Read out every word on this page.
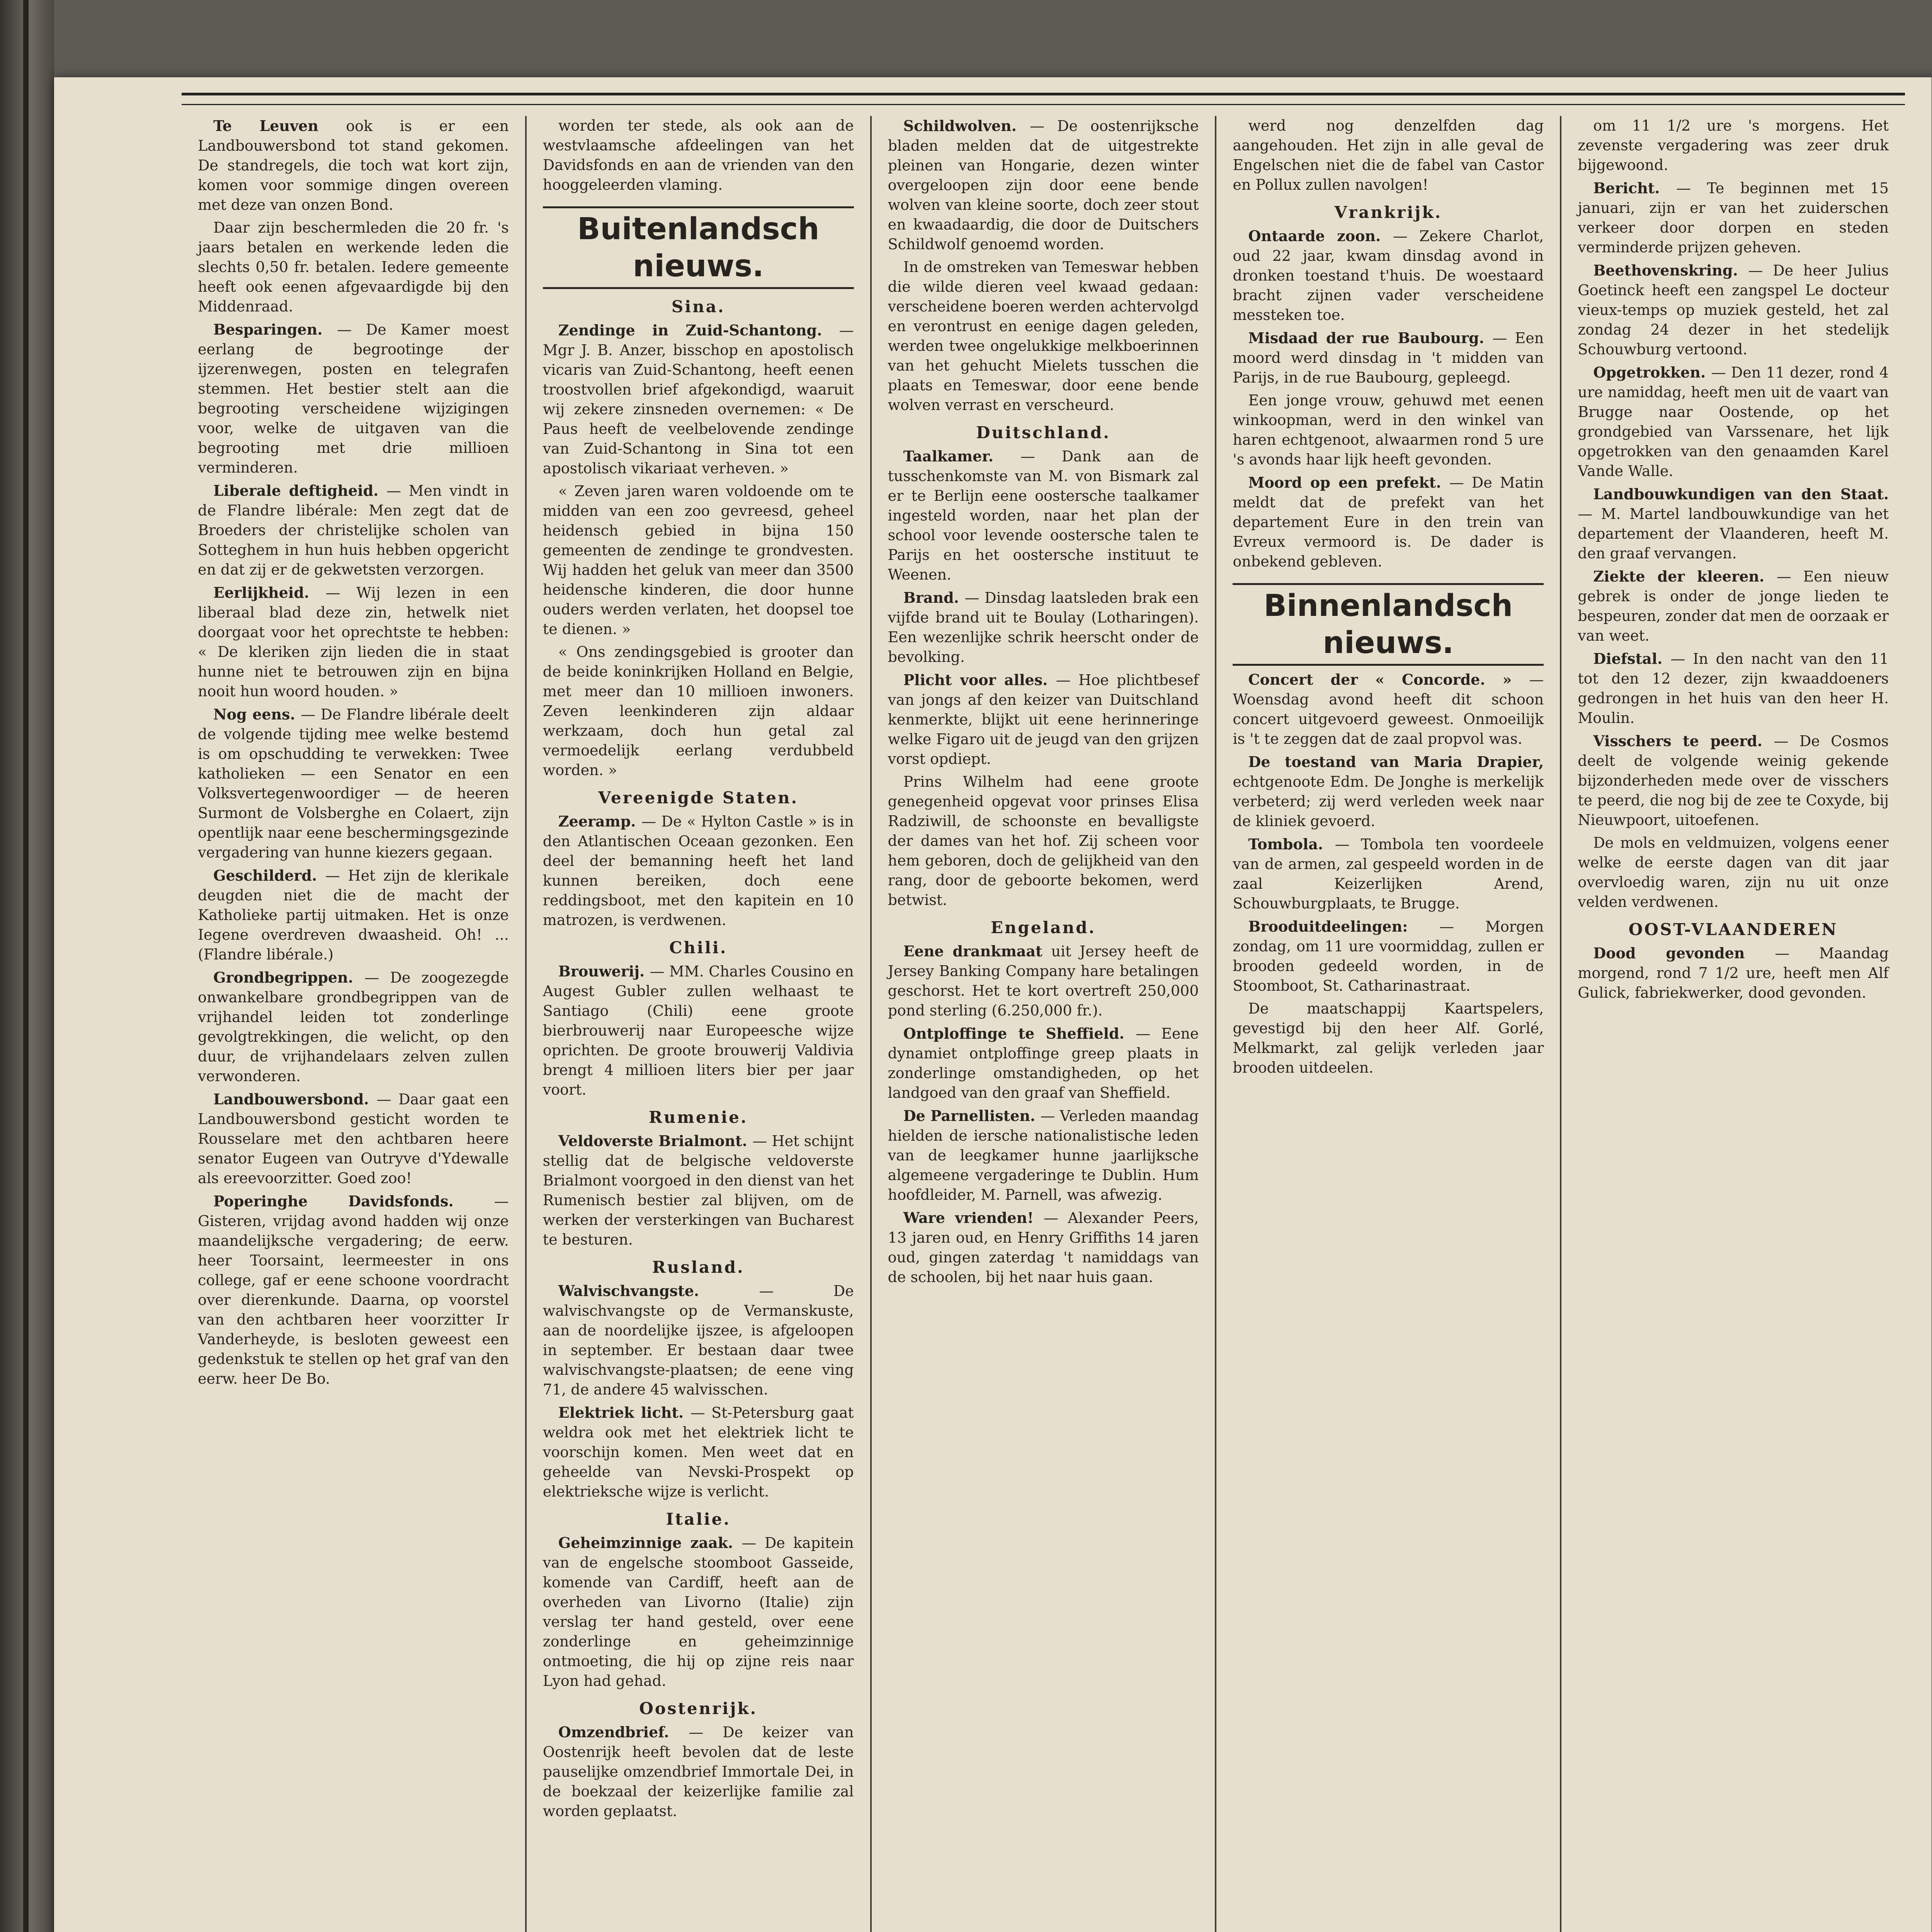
Te Leuven ook is er een Landbouwersbond tot stand gekomen. De standregels, die toch wat kort zijn, komen voor sommige dingen overeen met deze van onzen Bond.

Daar zijn beschermleden die 20 fr. 's jaars betalen en werkende leden die slechts 0,50 fr. betalen. Iedere gemeente heeft ook eenen afgevaardigde bij den Middenraad.

Besparingen. — De Kamer moest eerlang de begrootinge der ijzerenwegen, posten en telegrafen stemmen. Het bestier stelt aan die begrooting verscheidene wijzigingen voor, welke de uitgaven van die begrooting met drie millioen verminderen.

Liberale deftigheid. — Men vindt in de Flandre libérale: Men zegt dat de Broeders der christelijke scholen van Sotteghem in hun huis hebben opgericht en dat zij er de gekwetsten verzorgen.

Eerlijkheid. — Wij lezen in een liberaal blad deze zin, hetwelk niet doorgaat voor het oprechtste te hebben: « De kleriken zijn lieden die in staat hunne niet te betrouwen zijn en bijna nooit hun woord houden. »

Nog eens. — De Flandre libérale deelt de volgende tijding mee welke bestemd is om opschudding te verwekken: Twee katholieken — een Senator en een Volksvertegenwoordiger — de heeren Surmont de Volsberghe en Colaert, zijn opentlijk naar eene beschermingsgezinde vergadering van hunne kiezers gegaan.

Geschilderd. — Het zijn de klerikale deugden niet die de macht der Katholieke partij uitmaken. Het is onze Iegene overdreven dwaasheid. Oh! ... (Flandre libérale.)

Grondbegrippen. — De zoogezegde onwankelbare grondbegrippen van de vrijhandel leiden tot zonderlinge gevolgtrekkingen, die welicht, op den duur, de vrijhandelaars zelven zullen verwonderen.

Landbouwersbond. — Daar gaat een Landbouwersbond gesticht worden te Rousselare met den achtbaren heere senator Eugeen van Outryve d'Ydewalle als ereevoorzitter. Goed zoo!

Poperinghe Davidsfonds. — Gisteren, vrijdag avond hadden wij onze maandelijksche vergadering; de eerw. heer Toorsaint, leermeester in ons college, gaf er eene schoone voordracht over dierenkunde. Daarna, op voorstel van den achtbaren heer voorzitter Ir Vanderheyde, is besloten geweest een gedenkstuk te stellen op het graf van den eerw. heer De Bo.

worden ter stede, als ook aan de westvlaamsche afdeelingen van het Davidsfonds en aan de vrienden van den hooggeleerden vlaming.

Buitenlandsch nieuws.
Sina.

Zendinge in Zuid-Schantong. — Mgr J. B. Anzer, bisschop en apostolisch vicaris van Zuid-Schantong, heeft eenen troostvollen brief afgekondigd, waaruit wij zekere zinsneden overnemen: « De Paus heeft de veelbelovende zendinge van Zuid-Schantong in Sina tot een apostolisch vikariaat verheven. »

« Zeven jaren waren voldoende om te midden van een zoo gevreesd, geheel heidensch gebied in bijna 150 gemeenten de zendinge te grondvesten. Wij hadden het geluk van meer dan 3500 heidensche kinderen, die door hunne ouders werden verlaten, het doopsel toe te dienen. »

« Ons zendingsgebied is grooter dan de beide koninkrijken Holland en Belgie, met meer dan 10 millioen inwoners. Zeven leenkinderen zijn aldaar werkzaam, doch hun getal zal vermoedelijk eerlang verdubbeld worden. »

Vereenigde Staten.

Zeeramp. — De « Hylton Castle » is in den Atlantischen Oceaan gezonken. Een deel der bemanning heeft het land kunnen bereiken, doch eene reddingsboot, met den kapitein en 10 matrozen, is verdwenen.

Chili.

Brouwerij. — MM. Charles Cousino en Augest Gubler zullen welhaast te Santiago (Chili) eene groote bierbrouwerij naar Europeesche wijze oprichten. De groote brouwerij Valdivia brengt 4 millioen liters bier per jaar voort.

Rumenie.

Veldoverste Brialmont. — Het schijnt stellig dat de belgische veldoverste Brialmont voorgoed in den dienst van het Rumenisch bestier zal blijven, om de werken der versterkingen van Bucharest te besturen.

Rusland.

Walvischvangste. — De walvischvangste op de Vermanskuste, aan de noordelijke ijszee, is afgeloopen in september. Er bestaan daar twee walvischvangste-plaatsen; de eene ving 71, de andere 45 walvisschen.

Elektriek licht. — St-Petersburg gaat weldra ook met het elektriek licht te voorschijn komen. Men weet dat en geheelde van Nevski-Prospekt op elektrieksche wijze is verlicht.

Italie.

Geheimzinnige zaak. — De kapitein van de engelsche stoomboot Gasseide, komende van Cardiff, heeft aan de overheden van Livorno (Italie) zijn verslag ter hand gesteld, over eene zonderlinge en geheimzinnige ontmoeting, die hij op zijne reis naar Lyon had gehad.

Oostenrijk.

Omzendbrief. — De keizer van Oostenrijk heeft bevolen dat de leste pauselijke omzendbrief Immortale Dei, in de boekzaal der keizerlijke familie zal worden geplaatst.

Schildwolven. — De oostenrijksche bladen melden dat de uitgestrekte pleinen van Hongarie, dezen winter overgeloopen zijn door eene bende wolven van kleine soorte, doch zeer stout en kwaadaardig, die door de Duitschers Schildwolf genoemd worden.

In de omstreken van Temeswar hebben die wilde dieren veel kwaad gedaan: verscheidene boeren werden achtervolgd en verontrust en eenige dagen geleden, werden twee ongelukkige melkboerinnen van het gehucht Mielets tusschen die plaats en Temeswar, door eene bende wolven verrast en verscheurd.

Duitschland.

Taalkamer. — Dank aan de tusschenkomste van M. von Bismark zal er te Berlijn eene oostersche taalkamer ingesteld worden, naar het plan der school voor levende oostersche talen te Parijs en het oostersche instituut te Weenen.

Brand. — Dinsdag laatsleden brak een vijfde brand uit te Boulay (Lotharingen). Een wezenlijke schrik heerscht onder de bevolking.

Plicht voor alles. — Hoe plichtbesef van jongs af den keizer van Duitschland kenmerkte, blijkt uit eene herinneringe welke Figaro uit de jeugd van den grijzen vorst opdiept.

Prins Wilhelm had eene groote genegenheid opgevat voor prinses Elisa Radziwill, de schoonste en bevalligste der dames van het hof. Zij scheen voor hem geboren, doch de gelijkheid van den rang, door de geboorte bekomen, werd betwist.

Engeland.

Eene drankmaat uit Jersey heeft de Jersey Banking Company hare betalingen geschorst. Het te kort overtreft 250,000 pond sterling (6.250,000 fr.).

Ontploffinge te Sheffield. — Eene dynamiet ontploffinge greep plaats in zonderlinge omstandigheden, op het landgoed van den graaf van Sheffield.

De Parnellisten. — Verleden maandag hielden de iersche nationalistische leden van de leegkamer hunne jaarlijksche algemeene vergaderinge te Dublin. Hum hoofdleider, M. Parnell, was afwezig.

Ware vrienden! — Alexander Peers, 13 jaren oud, en Henry Griffiths 14 jaren oud, gingen zaterdag 't namiddags van de schoolen, bij het naar huis gaan.

werd nog denzelfden dag aangehouden. Het zijn in alle geval de Engelschen niet die de fabel van Castor en Pollux zullen navolgen!

Vrankrijk.

Ontaarde zoon. — Zekere Charlot, oud 22 jaar, kwam dinsdag avond in dronken toestand t'huis. De woestaard bracht zijnen vader verscheidene messteken toe.

Misdaad der rue Baubourg. — Een moord werd dinsdag in 't midden van Parijs, in de rue Baubourg, gepleegd.

Een jonge vrouw, gehuwd met eenen winkoopman, werd in den winkel van haren echtgenoot, alwaarmen rond 5 ure 's avonds haar lijk heeft gevonden.

Moord op een prefekt. — De Matin meldt dat de prefekt van het departement Eure in den trein van Evreux vermoord is. De dader is onbekend gebleven.

Binnenlandsch nieuws.

Concert der « Concorde. » — Woensdag avond heeft dit schoon concert uitgevoerd geweest. Onmoeilijk is 't te zeggen dat de zaal propvol was.

De toestand van Maria Drapier, echtgenoote Edm. De Jonghe is merkelijk verbeterd; zij werd verleden week naar de kliniek gevoerd.

Tombola. — Tombola ten voordeele van de armen, zal gespeeld worden in de zaal Keizerlijken Arend, Schouwburgplaats, te Brugge.

Brooduitdeelingen: — Morgen zondag, om 11 ure voormiddag, zullen er brooden gedeeld worden, in de Stoomboot, St. Catharinastraat.

De maatschappij Kaartspelers, gevestigd bij den heer Alf. Gorlé, Melkmarkt, zal gelijk verleden jaar brooden uitdeelen.

om 11 1/2 ure 's morgens. Het zevenste vergadering was zeer druk bijgewoond.

Bericht. — Te beginnen met 15 januari, zijn er van het zuiderschen verkeer door dorpen en steden verminderde prijzen geheven.

Beethovenskring. — De heer Julius Goetinck heeft een zangspel Le docteur vieux-temps op muziek gesteld, het zal zondag 24 dezer in het stedelijk Schouwburg vertoond.

Opgetrokken. — Den 11 dezer, rond 4 ure namiddag, heeft men uit de vaart van Brugge naar Oostende, op het grondgebied van Varssenare, het lijk opgetrokken van den genaamden Karel Vande Walle.

Landbouwkundigen van den Staat. — M. Martel landbouwkundige van het departement der Vlaanderen, heeft M. den graaf vervangen.

Ziekte der kleeren. — Een nieuw gebrek is onder de jonge lieden te bespeuren, zonder dat men de oorzaak er van weet.

Diefstal. — In den nacht van den 11 tot den 12 dezer, zijn kwaaddoeners gedrongen in het huis van den heer H. Moulin.

Visschers te peerd. — De Cosmos deelt de volgende weinig gekende bijzonderheden mede over de visschers te peerd, die nog bij de zee te Coxyde, bij Nieuwpoort, uitoefenen.

De mols en veldmuizen, volgens eener welke de eerste dagen van dit jaar overvloedig waren, zijn nu uit onze velden verdwenen.

OOST-VLAANDEREN

Dood gevonden — Maandag morgend, rond 7 1/2 ure, heeft men Alf Gulick, fabriekwerker, dood gevonden.
